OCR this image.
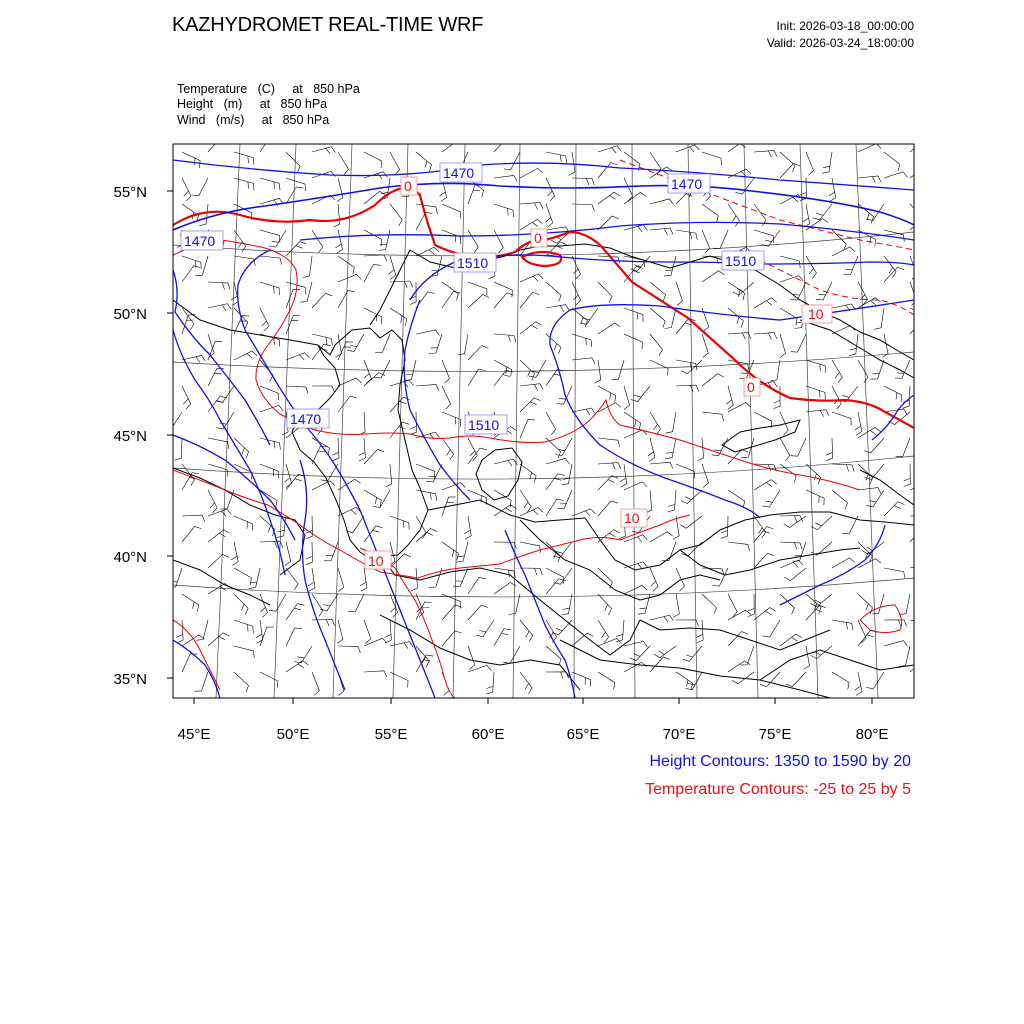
KAZHYDROMET REAL-TIME WRF	Init: 2026-03-18_00:00:00
Valid: 2026-03-24_18:00:00
Temperature (C) at 850 hPa
Height (m) at 850 hPa
Wind (m/s) at 850 hPa
55°N
50°N
45°N
40°N
35°N
45°E	50°E	55°E	60°E	65°E	70°E	75°E	80°E
1470
1470
1470
1510	1510
1510
1470
0
0
0
10
10
10
Height Contours: 1350 to 1590 by 20
Temperature Contours: -25 to 25 by 5
